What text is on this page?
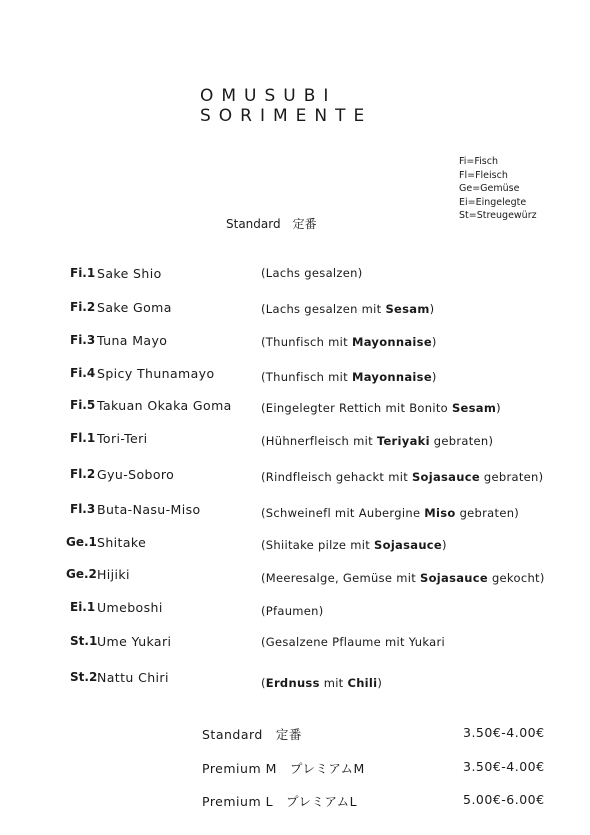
OMUSUBI
SORIMENTE
Fi=Fisch
Fl=Fleisch
Ge=Gemüse
Ei=Eingelegte
St=Streugewürz
Standard　定番
Fi.1 Sake Shio	(Lachs gesalzen)
Fi.2 Sake Goma	(Lachs gesalzen mit Sesam)
Fi.3 Tuna Mayo	(Thunfisch mit Mayonnaise)
Fi.4 Spicy Thunamayo	(Thunfisch mit Mayonnaise)
Fi.5 Takuan Okaka Goma	(Eingelegter Rettich mit Bonito Sesam)
Fl.1 Tori-Teri	(Hühnerfleisch mit Teriyaki gebraten)
Fl.2 Gyu-Soboro	(Rindfleisch gehackt mit Sojasauce gebraten)
Fl.3 Buta-Nasu-Miso	(Schweinefl mit Aubergine Miso gebraten)
Ge.1 Shitake	(Shiitake pilze mit Sojasauce)
Ge.2 Hijiki	(Meeresalge, Gemüse mit Sojasauce gekocht)
Ei.1 Umeboshi	(Pfaumen)
St.1 Ume Yukari	(Gesalzene Pflaume mit Yukari
St.2 Nattu Chiri	(Erdnuss mit Chili)
Standard　定番	3.50€-4.00€
Premium M　プレミアムM	3.50€-4.00€
Premium L　プレミアムL	5.00€-6.00€
